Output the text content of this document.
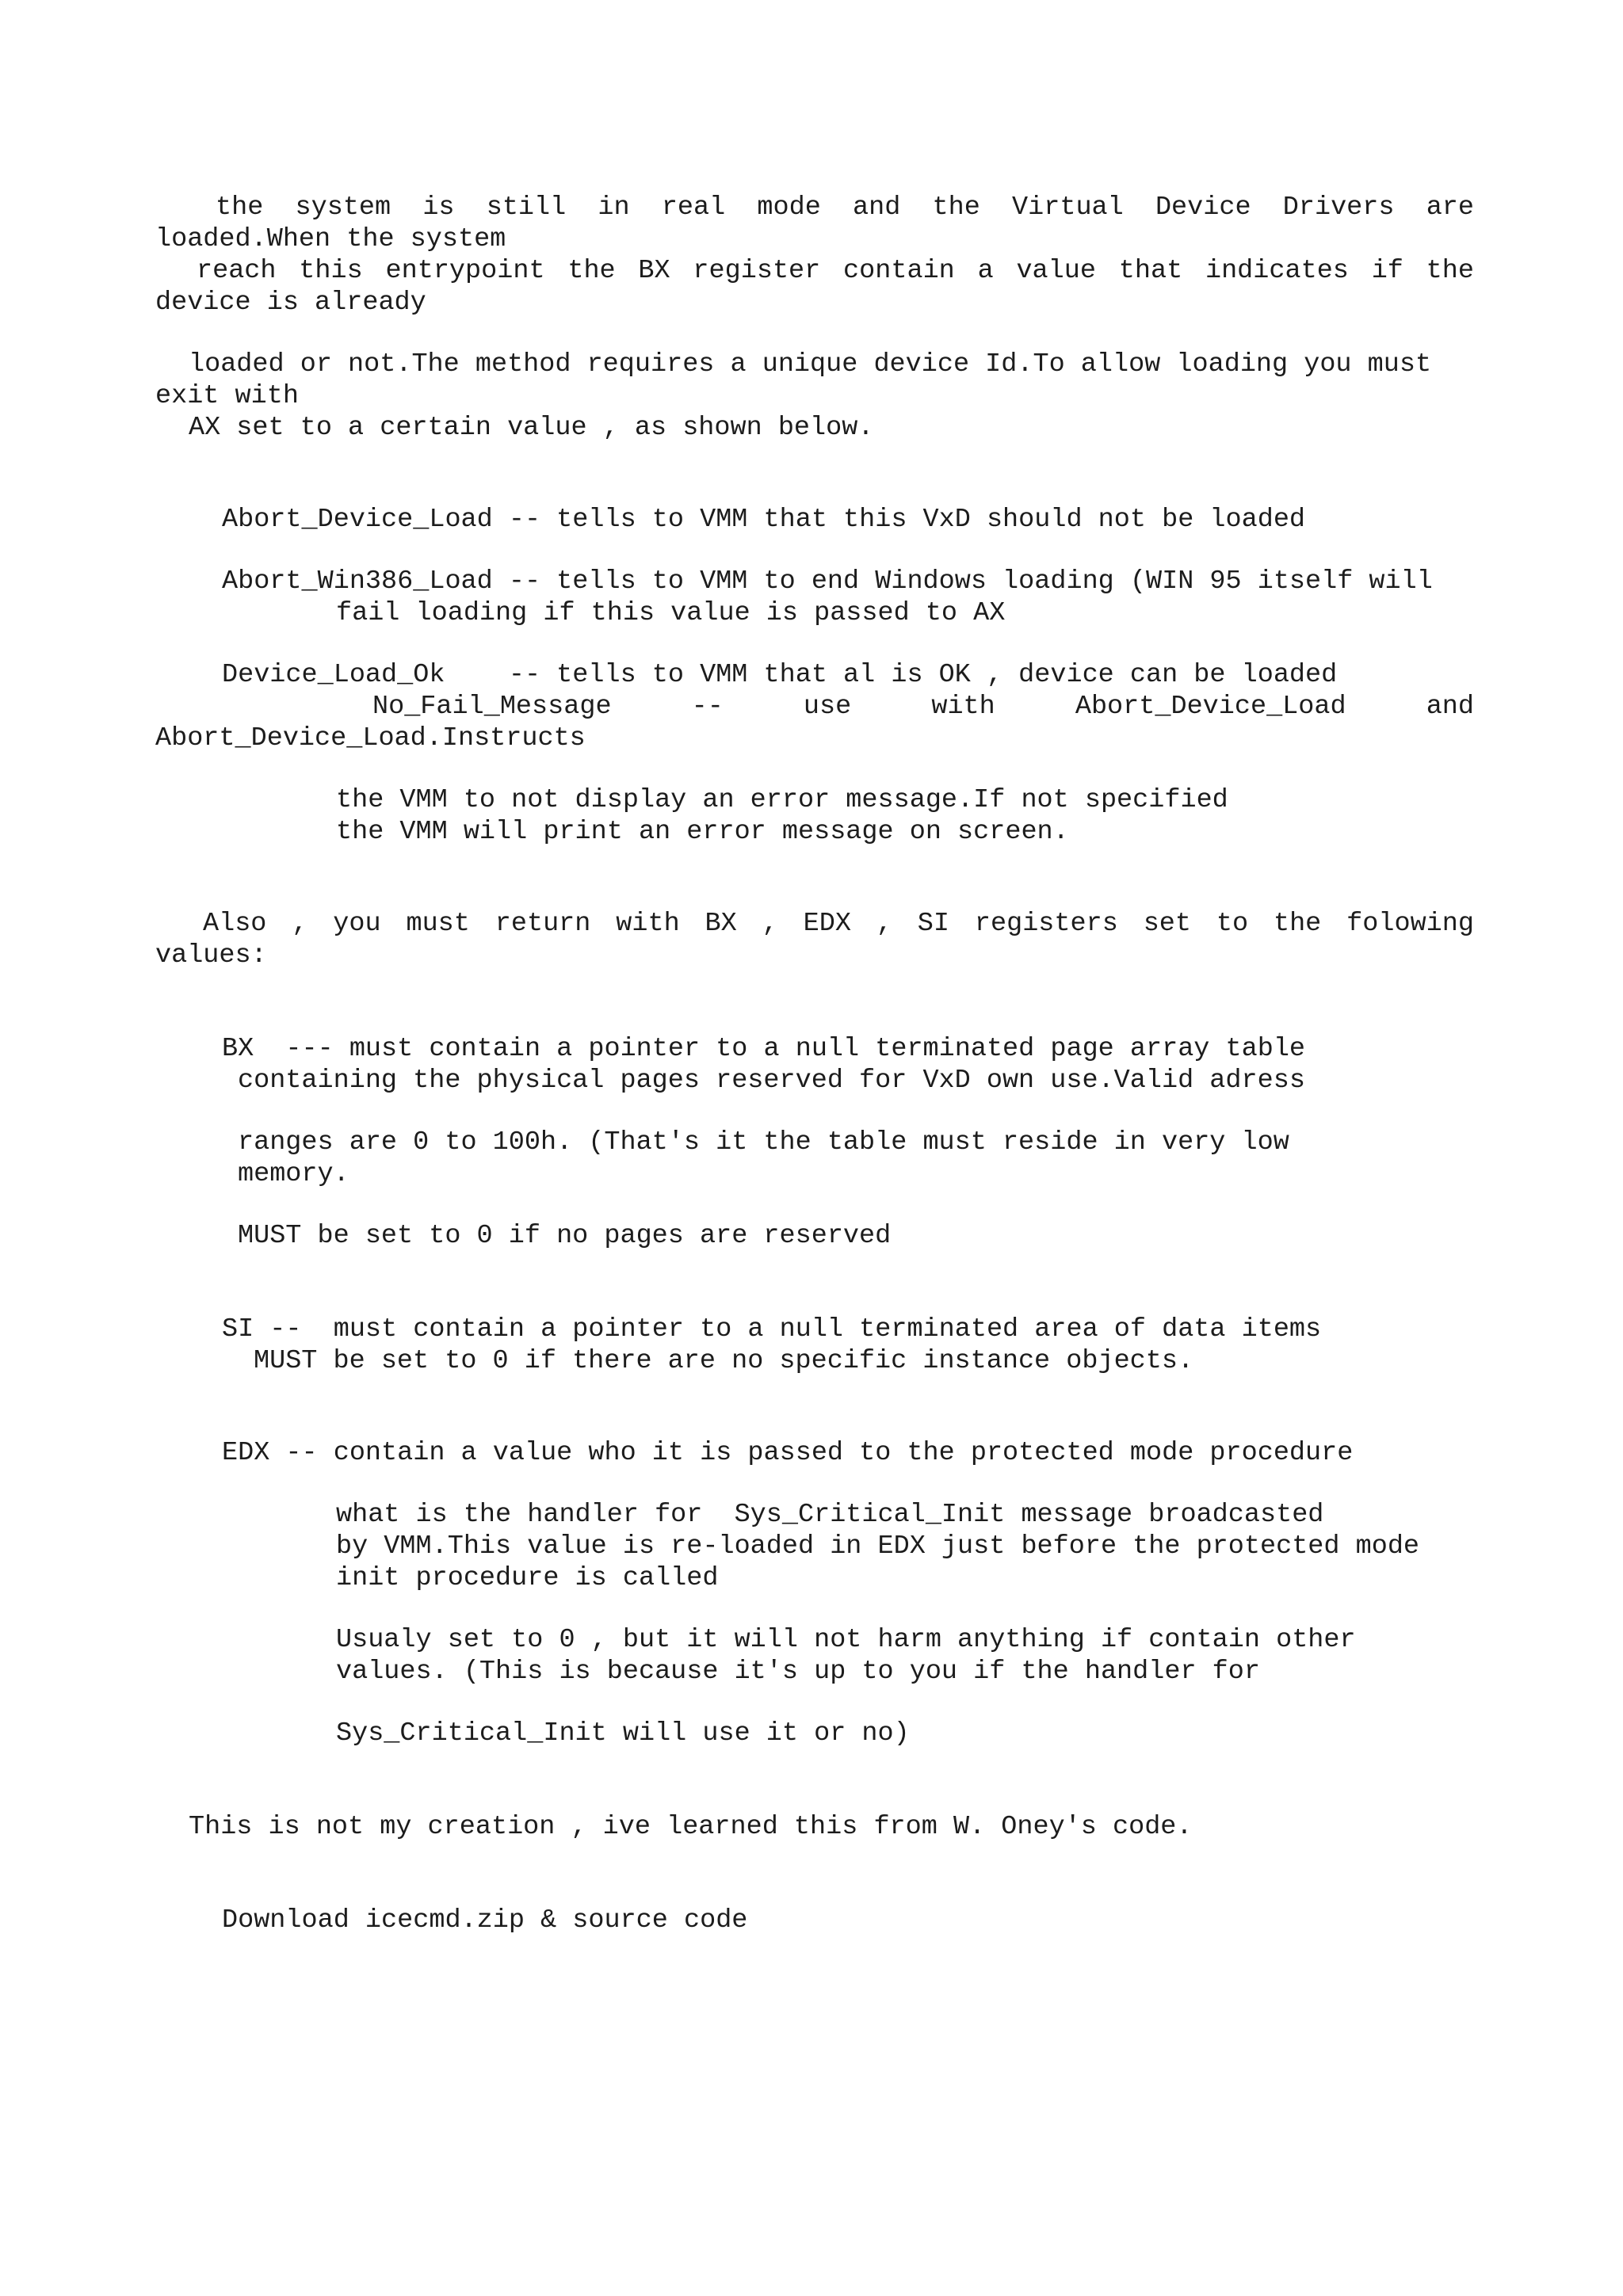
the system is still in real mode and the Virtual Device Drivers are
loaded.When the system
reach this entrypoint the BX register contain a value that indicates if the
device is already
loaded or not.The method requires a unique device Id.To allow loading you must
exit with
AX set to a certain value , as shown below.
Abort_Device_Load -- tells to VMM that this VxD should not be loaded
Abort_Win386_Load -- tells to VMM to end Windows loading (WIN 95 itself will
fail loading if this value is passed to AX
Device_Load_Ok    -- tells to VMM that al is OK , device can be loaded
No_Fail_Message -- use with Abort_Device_Load and
Abort_Device_Load.Instructs
the VMM to not display an error message.If not specified
the VMM will print an error message on screen.
Also , you must return with BX , EDX , SI registers set to the folowing
values:
BX  --- must contain a pointer to a null terminated page array table
containing the physical pages reserved for VxD own use.Valid adress
ranges are 0 to 100h. (That's it the table must reside in very low
memory.
MUST be set to 0 if no pages are reserved
SI --  must contain a pointer to a null terminated area of data items
MUST be set to 0 if there are no specific instance objects.
EDX -- contain a value who it is passed to the protected mode procedure
what is the handler for  Sys_Critical_Init message broadcasted
by VMM.This value is re-loaded in EDX just before the protected mode
init procedure is called
Usualy set to 0 , but it will not harm anything if contain other
values. (This is because it's up to you if the handler for
Sys_Critical_Init will use it or no)
This is not my creation , ive learned this from W. Oney's code.
Download icecmd.zip & source code
